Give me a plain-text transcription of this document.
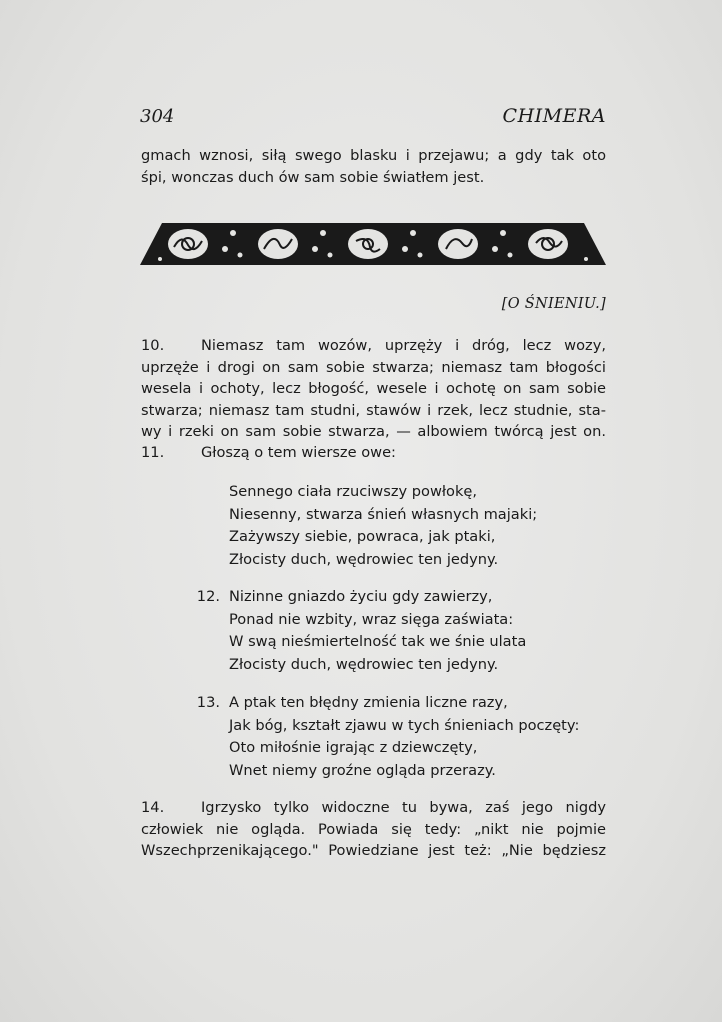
304	CHIMERA
gmach wznosi, siłą swego blasku i przejawu; a gdy tak oto
śpi, wonczas duch ów sam sobie światłem jest.
[O ŚNIENIU.]
10.	Niemasz tam wozów, uprzęży i dróg, lecz wozy,
uprzęże i drogi on sam sobie stwarza; niemasz tam błogości
wesela i ochoty, lecz błogość, wesele i ochotę on sam sobie
stwarza; niemasz tam studni, stawów i rzek, lecz studnie, sta-
wy i rzeki on sam sobie stwarza, — albowiem twórcą jest on.
11.	Głoszą o tem wiersze owe:
Sennego ciała rzuciwszy powłokę,
Niesenny, stwarza śnień własnych majaki;
Zażywszy siebie, powraca, jak ptaki,
Złocisty duch, wędrowiec ten jedyny.
12. Nizinne gniazdo życiu gdy zawierzy,
Ponad nie wzbity, wraz sięga zaświata:
W swą nieśmiertelność tak we śnie ulata
Złocisty duch, wędrowiec ten jedyny.
13. A ptak ten błędny zmienia liczne razy,
Jak bóg, kształt zjawu w tych śnieniach poczęty:
Oto miłośnie igrając z dziewczęty,
Wnet niemy groźne ogląda przerazy.
14.	Igrzysko tylko widoczne tu bywa, zaś jego nigdy
człowiek nie ogląda. Powiada się tedy: „nikt nie pojmie
Wszechprzenikającego." Powiedziane jest też: „Nie będziesz
